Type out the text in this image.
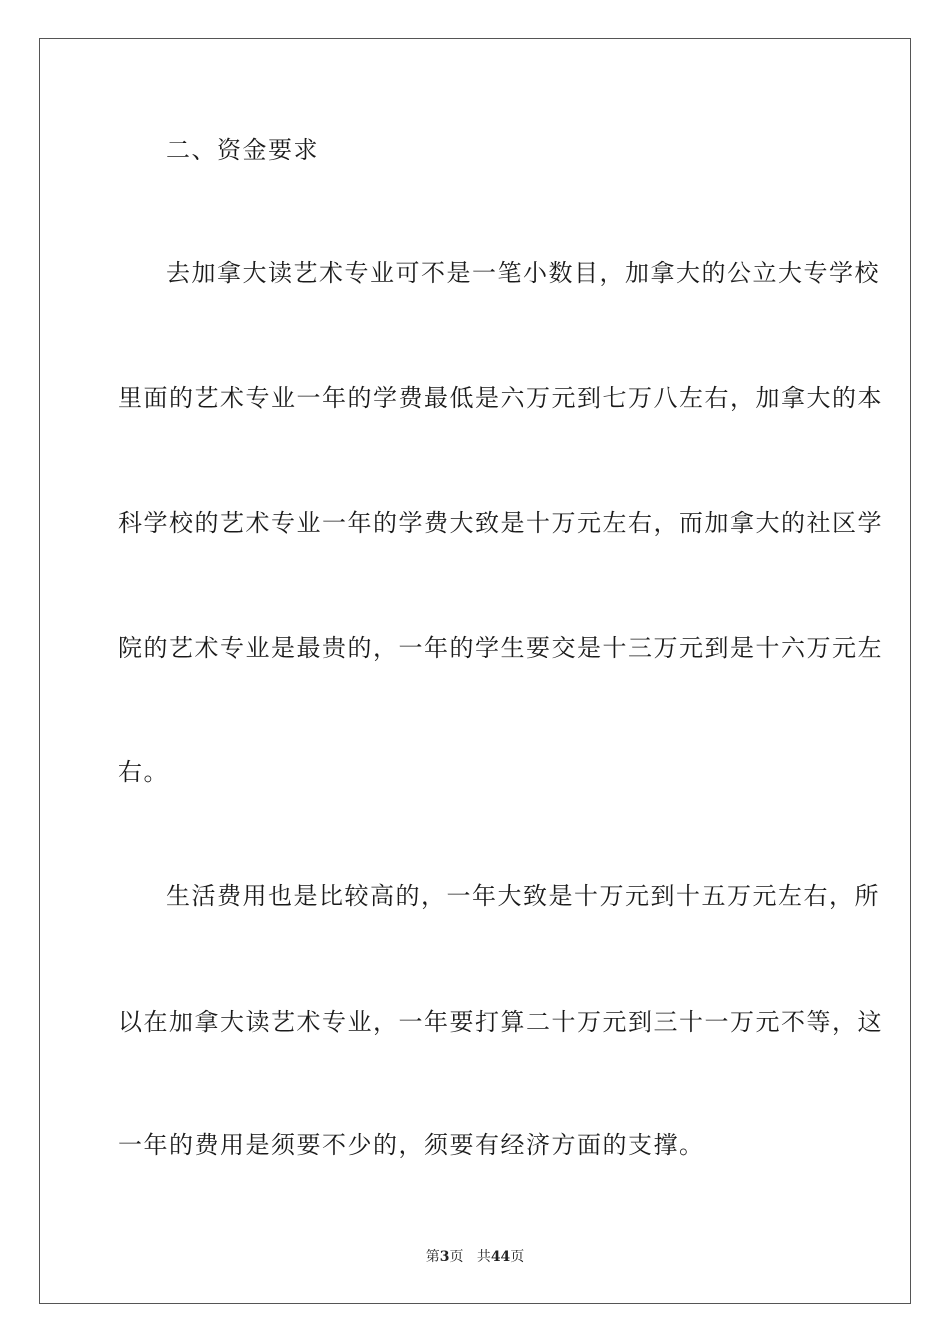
二、资金要求
去加拿大读艺术专业可不是一笔小数目，加拿大的公立大专学校
里面的艺术专业一年的学费最低是六万元到七万八左右，加拿大的本
科学校的艺术专业一年的学费大致是十万元左右，而加拿大的社区学
院的艺术专业是最贵的，一年的学生要交是十三万元到是十六万元左
右。
生活费用也是比较高的，一年大致是十万元到十五万元左右，所
以在加拿大读艺术专业，一年要打算二十万元到三十一万元不等，这
一年的费用是须要不少的，须要有经济方面的支撑。
第3页 共44页
